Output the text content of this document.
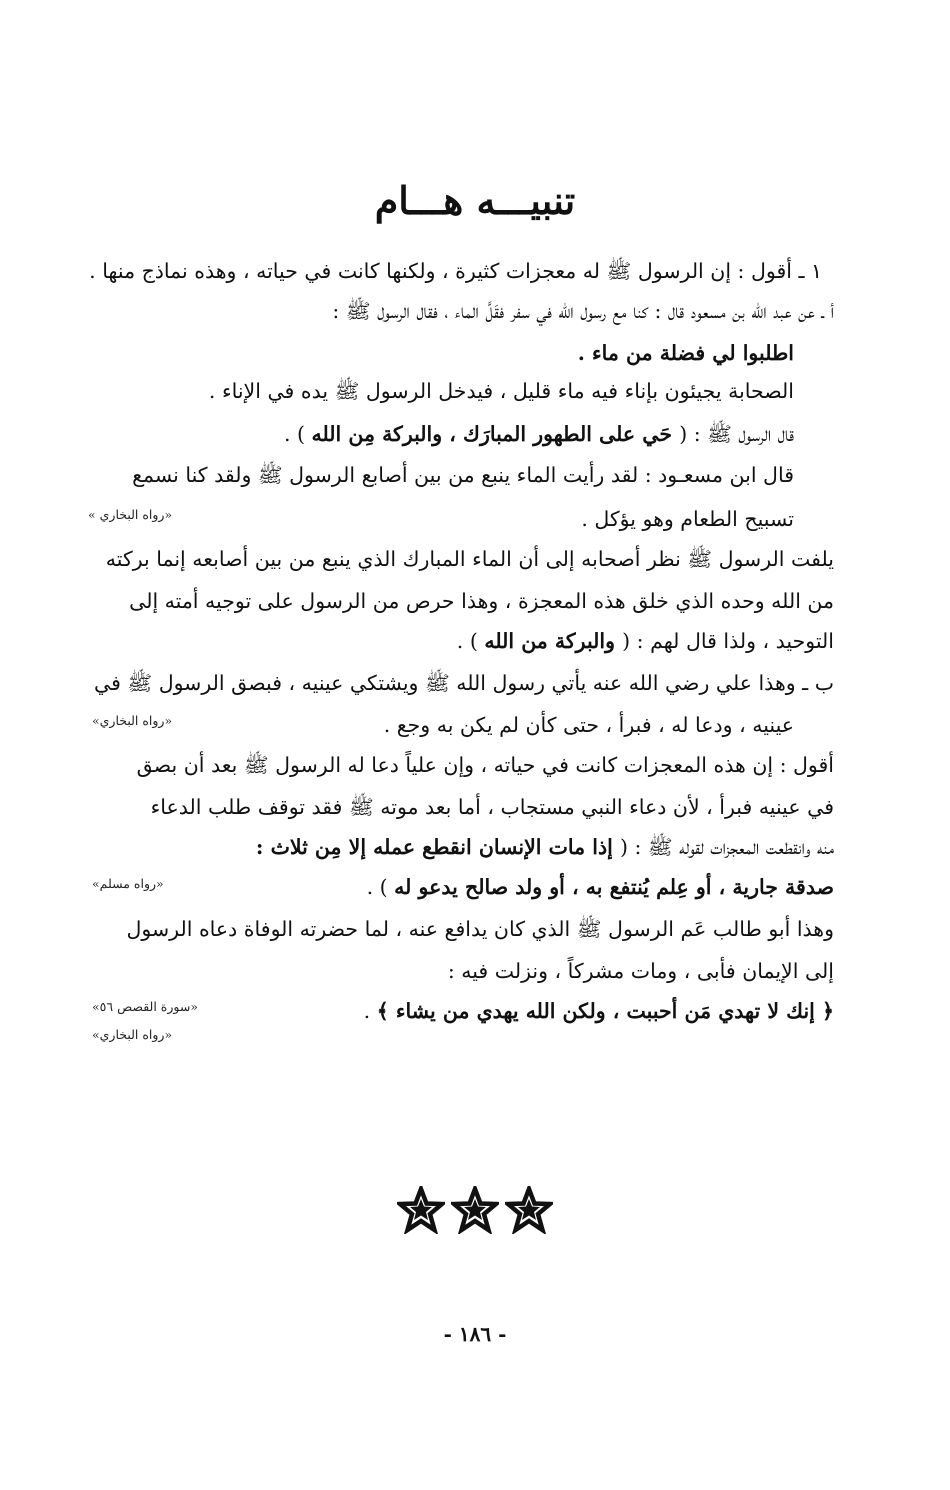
تنبيـــه هـــام
١ ـ أقول : إن الرسول ﷺ له معجزات كثيرة ، ولكنها كانت في حياته ، وهذه نماذج منها .
أ ـ عن عبد الله بن مسعود قال : كنا مع رسول الله في سفر فقَلَّ الماء ، فقال الرسول ﷺ :
اطلبوا لي فضلة من ماء .
الصحابة يجيئون بإناء فيه ماء قليل ، فيدخل الرسول ﷺ يده في الإناء .
قال الرسول ﷺ : ( حَي على الطهور المبارَك ، والبركة مِن الله ) .
قال ابن مسعـود : لقد رأيت الماء ينبع من بين أصابع الرسول ﷺ ولقد كنا نسمع
تسبيح الطعام وهو يؤكل .
«رواه البخاري »
يلفت الرسول ﷺ نظر أصحابه إلى أن الماء المبارك الذي ينبع من بين أصابعه إنما بركته
من الله وحده الذي خلق هذه المعجزة ، وهذا حرص من الرسول على توجيه أمته إلى
التوحيد ، ولذا قال لهم : ( والبركة من الله ) .
ب ـ وهذا علي رضي الله عنه يأتي رسول الله ﷺ ويشتكي عينيه ، فبصق الرسول ﷺ في
عينيه ، ودعا له ، فبرأ ، حتى كأن لم يكن به وجع .
«رواه البخاري»
أقول : إن هذه المعجزات كانت في حياته ، وإن علياً دعا له الرسول ﷺ بعد أن بصق
في عينيه فبرأ ، لأن دعاء النبي مستجاب ، أما بعد موته ﷺ فقد توقف طلب الدعاء
منه وانقطعت المعجزات لقوله ﷺ : ( إذا مات الإنسان انقطع عمله إلا مِن ثلاث :
صدقة جارية ، أو عِلم يُنتفع به ، أو ولد صالح يدعو له ) .
«رواه مسلم»
وهذا أبو طالب عَم الرسول ﷺ الذي كان يدافع عنه ، لما حضرته الوفاة دعاه الرسول
إلى الإيمان فأبى ، ومات مشركاً ، ونزلت فيه :
﴿ إنك لا تهدي مَن أحببت ، ولكن الله يهدي من يشاء ﴾ .
«سورة القصص ٥٦»
«رواه البخاري»
- ١٨٦ -
